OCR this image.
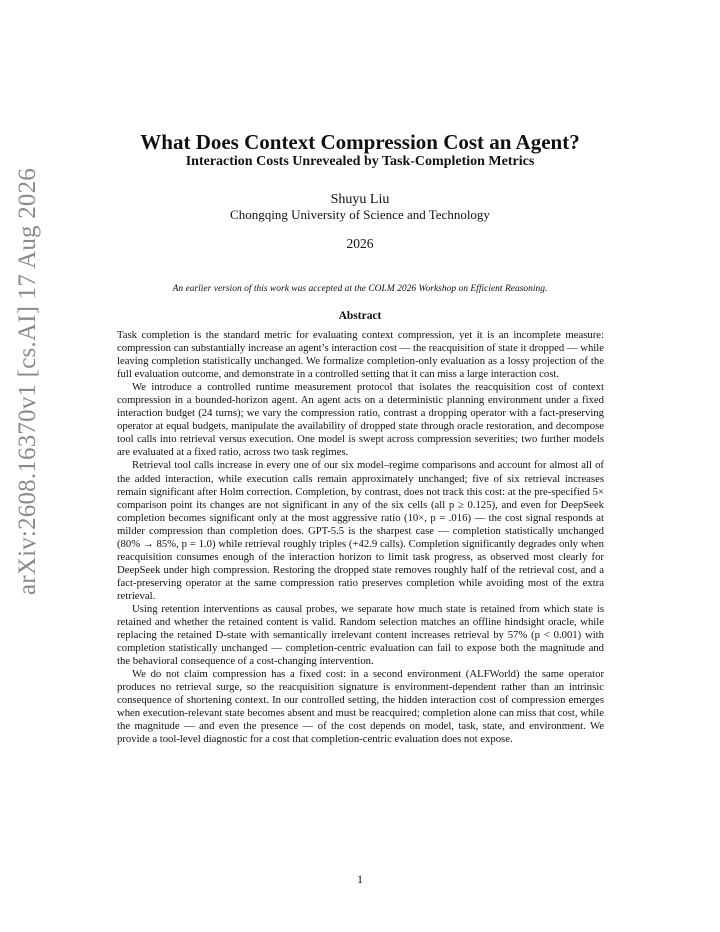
arXiv:2608.16370v1 [cs.AI] 17 Aug 2026
What Does Context Compression Cost an Agent?
Interaction Costs Unrevealed by Task-Completion Metrics
Shuyu Liu
Chongqing University of Science and Technology
2026
An earlier version of this work was accepted at the COLM 2026 Workshop on Efficient Reasoning.
Abstract

Task completion is the standard metric for evaluating context compression, yet it is an incomplete measure: compression can substantially increase an agent’s interaction cost — the reacquisition of state it dropped — while leaving completion statistically unchanged. We formalize completion-only evaluation as a lossy projection of the full evaluation outcome, and demonstrate in a controlled setting that it can miss a large interaction cost.

We introduce a controlled runtime measurement protocol that isolates the reacquisition cost of context compression in a bounded-horizon agent. An agent acts on a deterministic planning environment under a fixed interaction budget (24 turns); we vary the compression ratio, contrast a dropping operator with a fact-preserving operator at equal budgets, manipulate the availability of dropped state through oracle restoration, and decompose tool calls into retrieval versus execution. One model is swept across compression severities; two further models are evaluated at a fixed ratio, across two task regimes.

Retrieval tool calls increase in every one of our six model–regime comparisons and account for almost all of the added interaction, while execution calls remain approximately unchanged; five of six retrieval increases remain significant after Holm correction. Completion, by contrast, does not track this cost: at the pre-specified 5× comparison point its changes are not significant in any of the six cells (all p ≥ 0.125), and even for DeepSeek completion becomes significant only at the most aggressive ratio (10×, p = .016) — the cost signal responds at milder compression than completion does. GPT-5.5 is the sharpest case — completion statistically unchanged (80% → 85%, p = 1.0) while retrieval roughly triples (+42.9 calls). Completion significantly degrades only when reacquisition consumes enough of the interaction horizon to limit task progress, as observed most clearly for DeepSeek under high compression. Restoring the dropped state removes roughly half of the retrieval cost, and a fact-preserving operator at the same compression ratio preserves completion while avoiding most of the extra retrieval.

Using retention interventions as causal probes, we separate how much state is retained from which state is retained and whether the retained content is valid. Random selection matches an offline hindsight oracle, while replacing the retained D-state with semantically irrelevant content increases retrieval by 57% (p < 0.001) with completion statistically unchanged — completion-centric evaluation can fail to expose both the magnitude and the behavioral consequence of a cost-changing intervention.

We do not claim compression has a fixed cost: in a second environment (ALFWorld) the same operator produces no retrieval surge, so the reacquisition signature is environment-dependent rather than an intrinsic consequence of shortening context. In our controlled setting, the hidden interaction cost of compression emerges when execution-relevant state becomes absent and must be reacquired; completion alone can miss that cost, while the magnitude — and even the presence — of the cost depends on model, task, state, and environment. We provide a tool-level diagnostic for a cost that completion-centric evaluation does not expose.

1
